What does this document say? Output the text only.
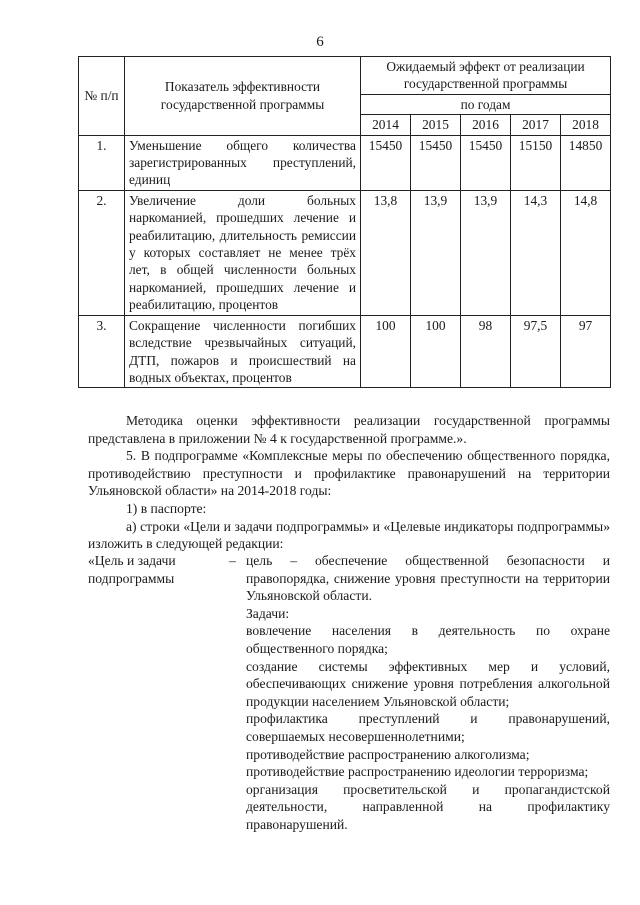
6
№ п/п	Показатель эффективности государственной программы	Ожидаемый эффект от реализации государственной программы				
		по годам				
		2014	2015	2016	2017	2018
1.	Уменьшение общего количества зарегистрированных преступлений, единиц	15450	15450	15450	15150	14850
2.	Увеличение доли больных наркоманией, прошедших лечение и реабилитацию, длительность ремиссии у которых составляет не менее трёх лет, в общей численности больных наркоманией, прошедших лечение и реабилитацию, процентов	13,8	13,9	13,9	14,3	14,8
3.	Сокращение численности погибших вследствие чрезвычайных ситуаций, ДТП, пожаров и происшествий на водных объектах, процентов	100	100	98	97,5	97

Методика оценки эффективности реализации государственной программы представлена в приложении № 4 к государственной программе.».

5. В подпрограмме «Комплексные меры по обеспечению общественного порядка, противодействию преступности и профилактике правонарушений на территории Ульяновской области» на 2014-2018 годы:

1) в паспорте:

а) строки «Цели и задачи подпрограммы» и «Целевые индикаторы подпрограммы» изложить в следующей редакции:

«Цель и задачи подпрограммы
– цель – обеспечение общественной безопасности и правопорядка, снижение уровня преступности на территории Ульяновской области.

Задачи:

вовлечение населения в деятельность по охране общественного порядка;

создание системы эффективных мер и условий, обеспечивающих снижение уровня потребления алкогольной продукции населением Ульяновской области;

профилактика преступлений и правонарушений, совершаемых несовершеннолетними;

противодействие распространению алкоголизма;

противодействие распространению идеологии терроризма;

организация просветительской и пропагандистской деятельности, направленной на профилактику правонарушений.
